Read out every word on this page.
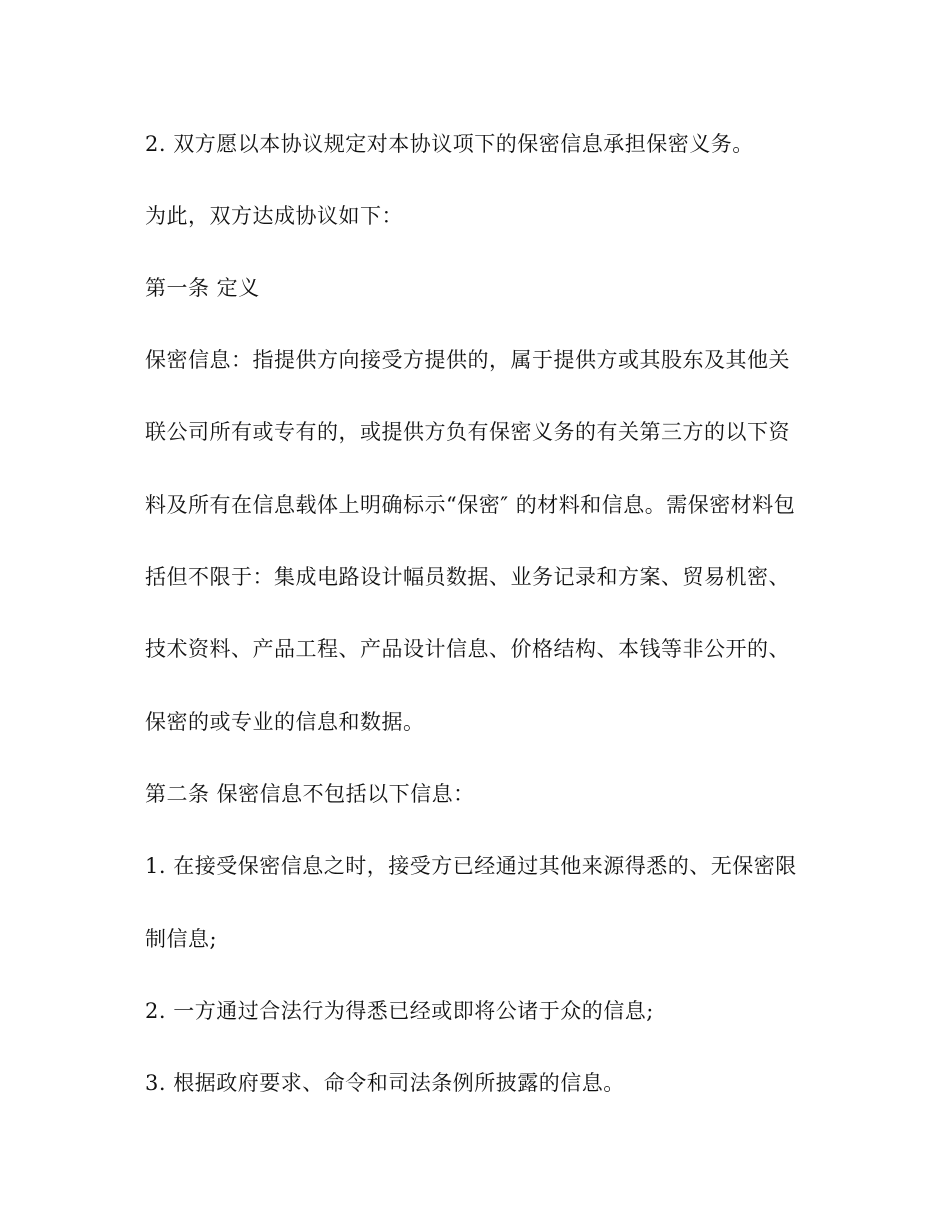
2. 双方愿以本协议规定对本协议项下的保密信息承担保密义务。
为此，双方达成协议如下：
第一条 定义
保密信息：指提供方向接受方提供的，属于提供方或其股东及其他关
联公司所有或专有的，或提供方负有保密义务的有关第三方的以下资
料及所有在信息载体上明确标示“保密″ 的材料和信息。需保密材料包
括但不限于：集成电路设计幅员数据、业务记录和方案、贸易机密、
技术资料、产品工程、产品设计信息、价格结构、本钱等非公开的、
保密的或专业的信息和数据。
第二条 保密信息不包括以下信息：
1. 在接受保密信息之时，接受方已经通过其他来源得悉的、无保密限
制信息;
2. 一方通过合法行为得悉已经或即将公诸于众的信息;
3. 根据政府要求、命令和司法条例所披露的信息。
